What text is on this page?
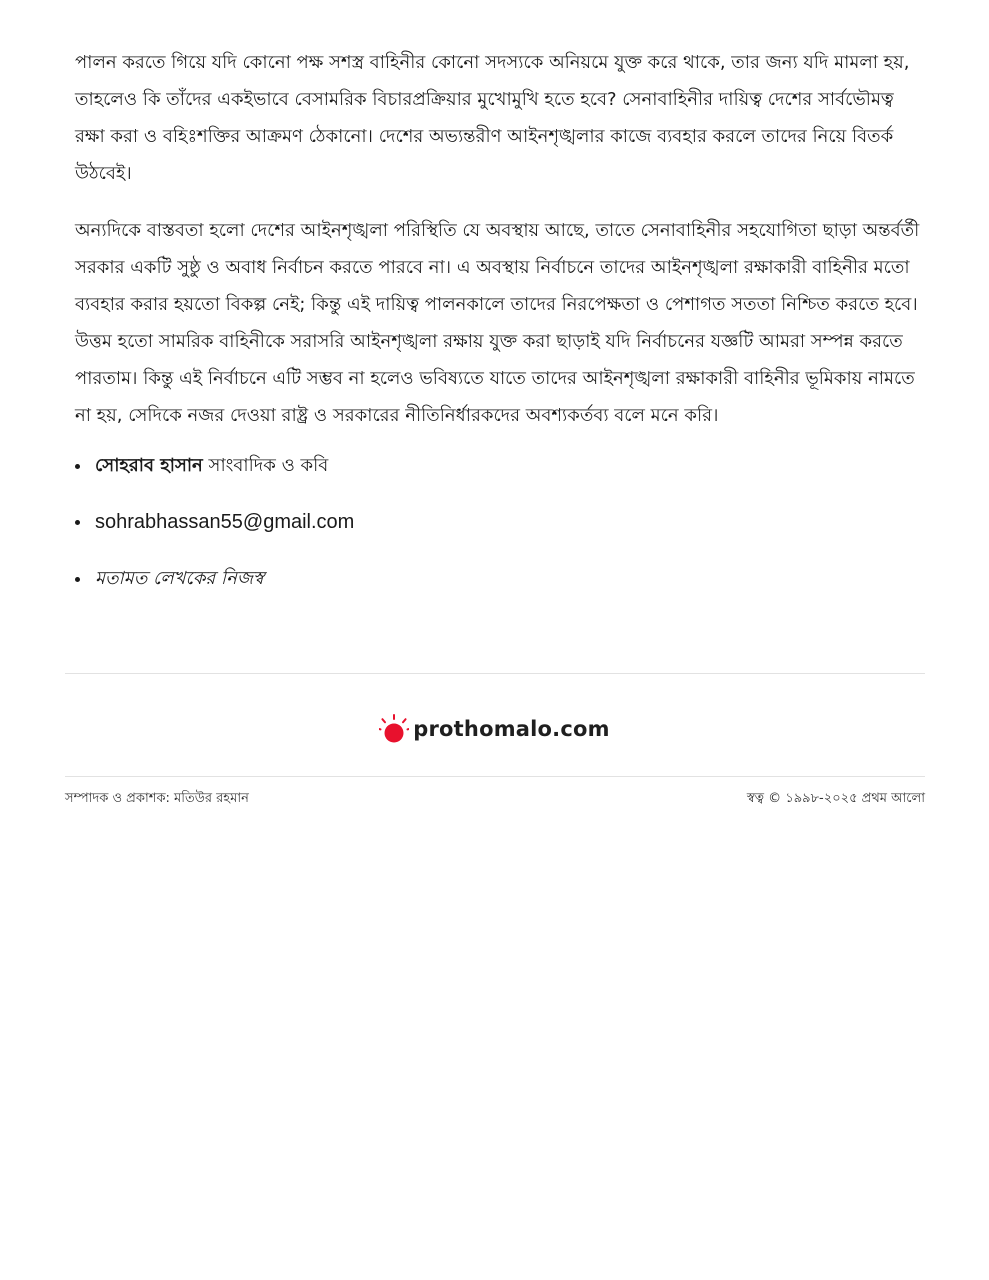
পালন করতে গিয়ে যদি কোনো পক্ষ সশস্ত্র বাহিনীর কোনো সদস্যকে অনিয়মে যুক্ত করে থাকে, তার জন্য যদি মামলা হয়, তাহলেও কি তাঁদের একইভাবে বেসামরিক বিচারপ্রক্রিয়ার মুখোমুখি হতে হবে? সেনাবাহিনীর দায়িত্ব দেশের সার্বভৌমত্ব রক্ষা করা ও বহিঃশক্তির আক্রমণ ঠেকানো। দেশের অভ্যন্তরীণ আইনশৃঙ্খলার কাজে ব্যবহার করলে তাদের নিয়ে বিতর্ক উঠবেই।

অন্যদিকে বাস্তবতা হলো দেশের আইনশৃঙ্খলা পরিস্থিতি যে অবস্থায় আছে, তাতে সেনাবাহিনীর সহযোগিতা ছাড়া অন্তর্বর্তী সরকার একটি সুষ্ঠু ও অবাধ নির্বাচন করতে পারবে না। এ অবস্থায় নির্বাচনে তাদের আইনশৃঙ্খলা রক্ষাকারী বাহিনীর মতো ব্যবহার করার হয়তো বিকল্প নেই; কিন্তু এই দায়িত্ব পালনকালে তাদের নিরপেক্ষতা ও পেশাগত সততা নিশ্চিত করতে হবে। উত্তম হতো সামরিক বাহিনীকে সরাসরি আইনশৃঙ্খলা রক্ষায় যুক্ত করা ছাড়াই যদি নির্বাচনের যজ্ঞটি আমরা সম্পন্ন করতে পারতাম। কিন্তু এই নির্বাচনে এটি সম্ভব না হলেও ভবিষ্যতে যাতে তাদের আইনশৃঙ্খলা রক্ষাকারী বাহিনীর ভূমিকায় নামতে না হয়, সেদিকে নজর দেওয়া রাষ্ট্র ও সরকারের নীতিনির্ধারকদের অবশ্যকর্তব্য বলে মনে করি।

সোহরাব হাসান সাংবাদিক ও কবি
sohrabhassan55@gmail.com
মতামত লেখকের নিজস্ব
prothomalo.com
সম্পাদক ও প্রকাশক: মতিউর রহমান	স্বত্ব © ১৯৯৮-২০২৫ প্রথম আলো
